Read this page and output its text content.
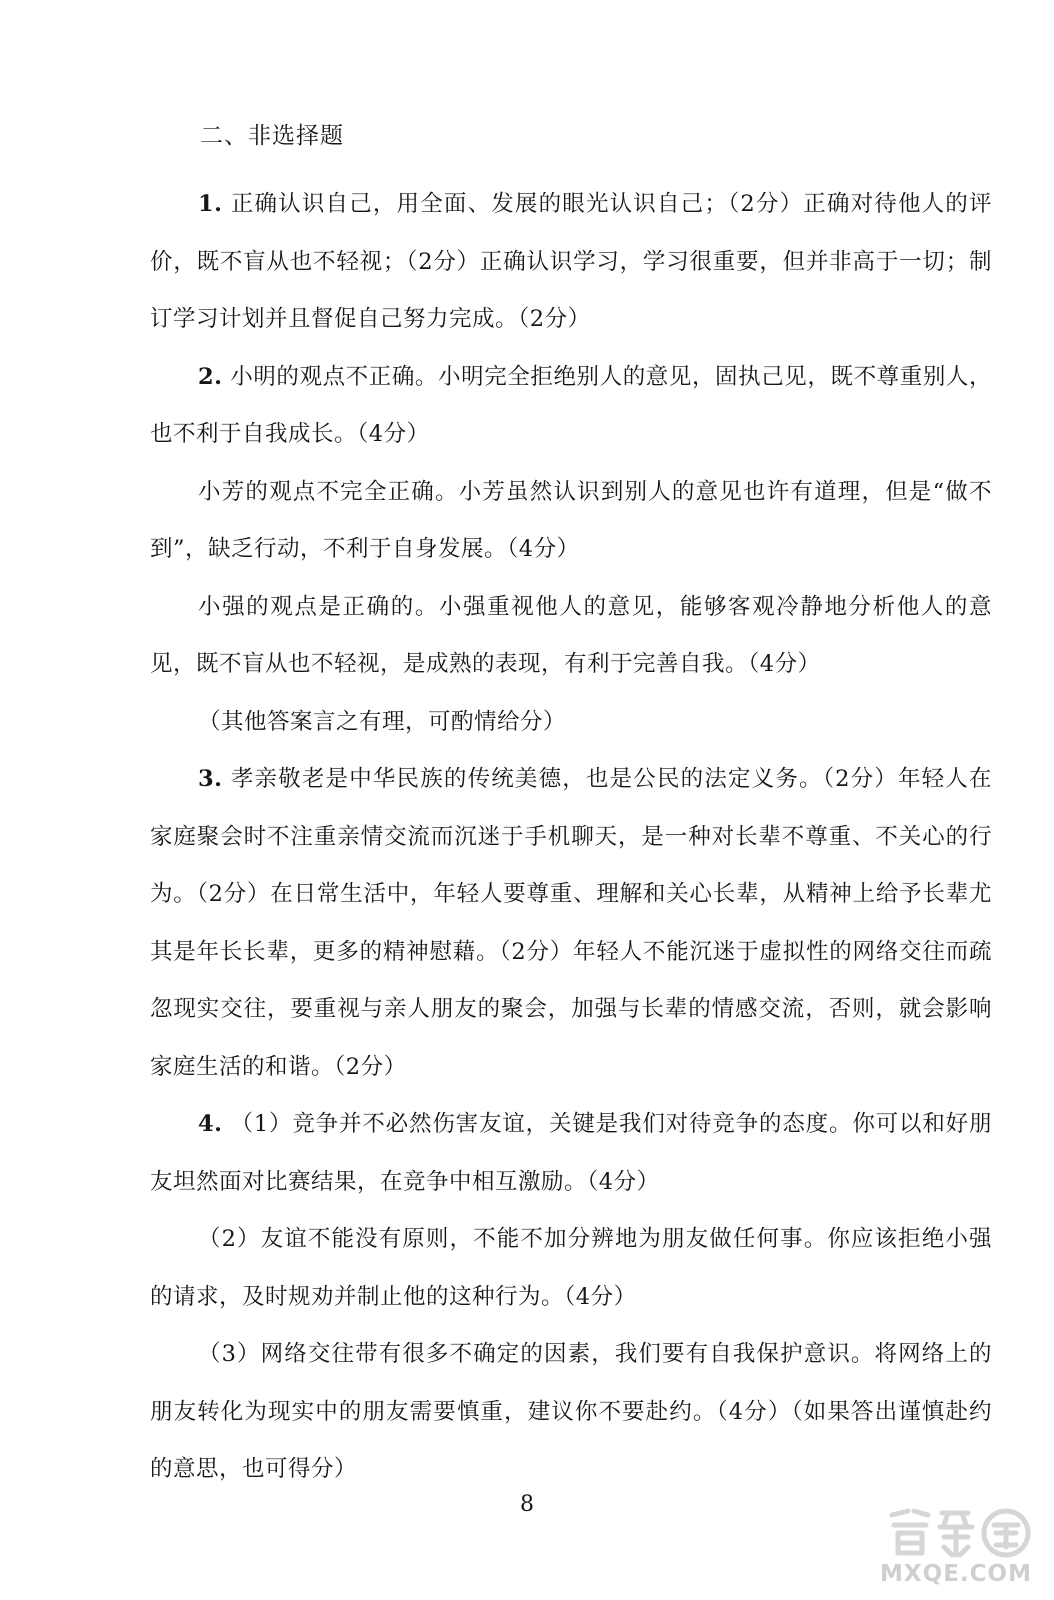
二、非选择题

1. 正确认识自己，用全面、发展的眼光认识自己；（2分）正确对待他人的评价，既不盲从也不轻视；（2分）正确认识学习，学习很重要，但并非高于一切；制订学习计划并且督促自己努力完成。（2分）

2. 小明的观点不正确。小明完全拒绝别人的意见，固执己见，既不尊重别人，也不利于自我成长。（4分）

小芳的观点不完全正确。小芳虽然认识到别人的意见也许有道理，但是“做不到”，缺乏行动，不利于自身发展。（4分）

小强的观点是正确的。小强重视他人的意见，能够客观冷静地分析他人的意见，既不盲从也不轻视，是成熟的表现，有利于完善自我。（4分）

（其他答案言之有理，可酌情给分）

3. 孝亲敬老是中华民族的传统美德，也是公民的法定义务。（2分）年轻人在家庭聚会时不注重亲情交流而沉迷于手机聊天，是一种对长辈不尊重、不关心的行为。（2分）在日常生活中，年轻人要尊重、理解和关心长辈，从精神上给予长辈尤其是年长长辈，更多的精神慰藉。（2分）年轻人不能沉迷于虚拟性的网络交往而疏忽现实交往，要重视与亲人朋友的聚会，加强与长辈的情感交流，否则，就会影响家庭生活的和谐。（2分）

4. （1）竞争并不必然伤害友谊，关键是我们对待竞争的态度。你可以和好朋友坦然面对比赛结果，在竞争中相互激励。（4分）

（2）友谊不能没有原则，不能不加分辨地为朋友做任何事。你应该拒绝小强的请求，及时规劝并制止他的这种行为。（4分）

（3）网络交往带有很多不确定的因素，我们要有自我保护意识。将网络上的朋友转化为现实中的朋友需要慎重，建议你不要赴约。（4分）（如果答出谨慎赴约的意思，也可得分）

8
MXQE.COM
